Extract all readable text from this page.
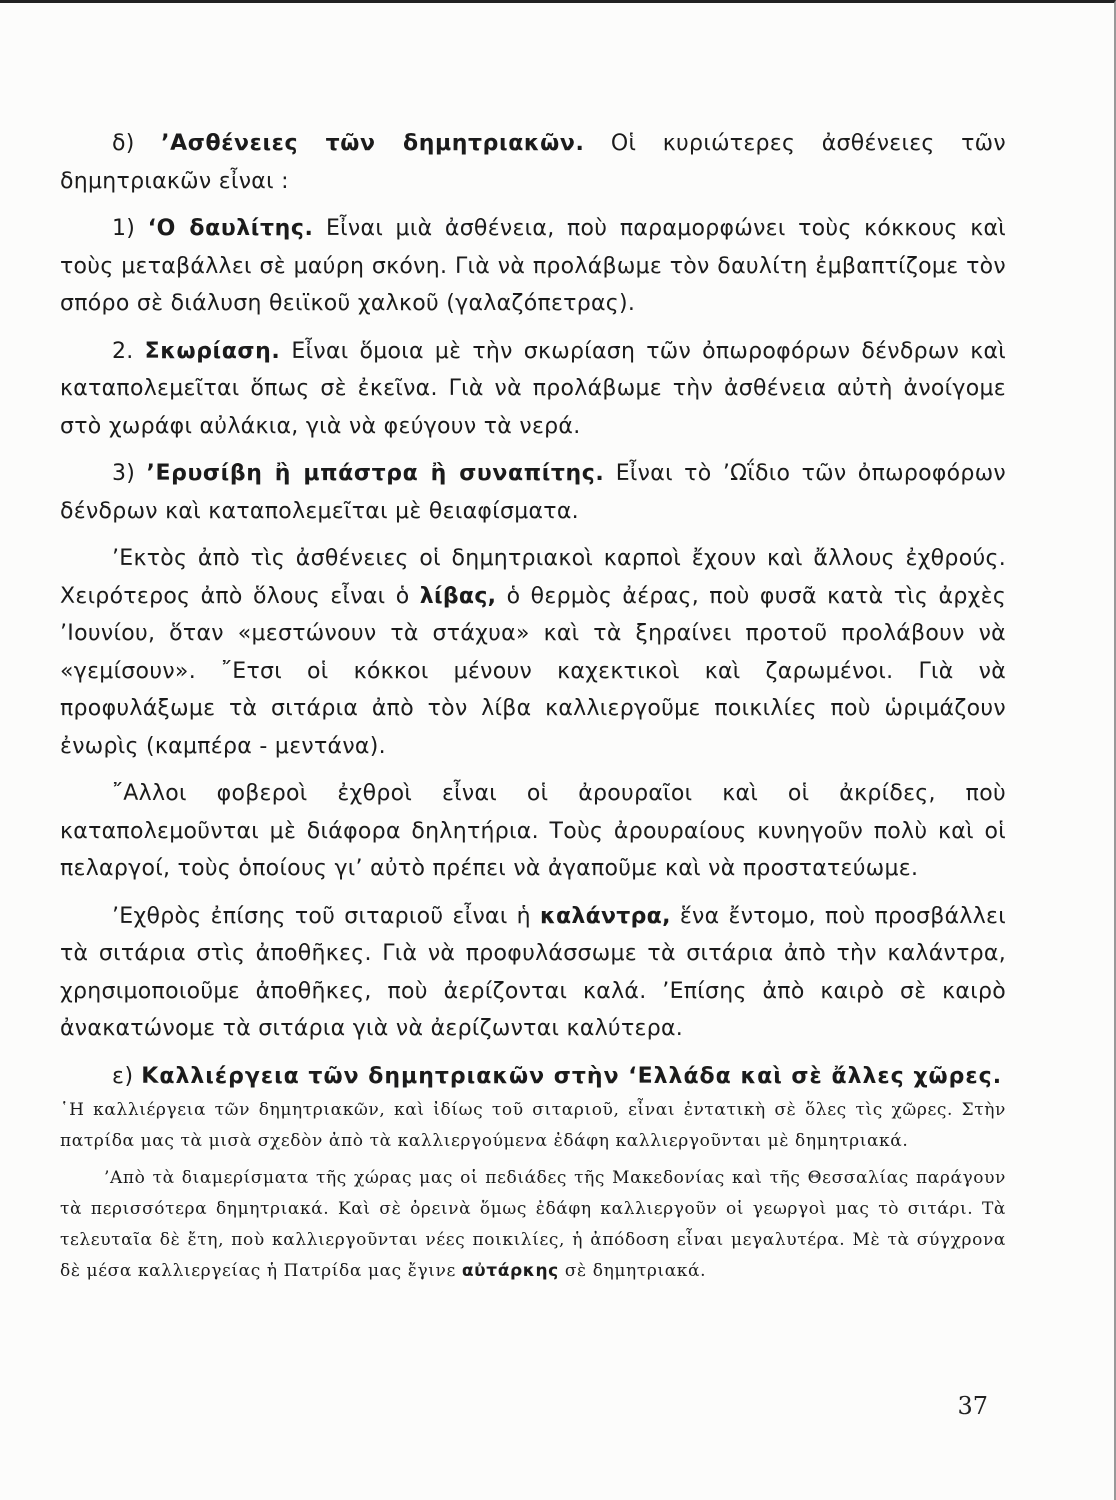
δ) ’Ασθένειες τῶν δημητριακῶν. Οἱ κυριώτερες ἀσθένειες τῶν δημητριακῶν εἶναι :

1) ‘Ο δαυλίτης. Εἶναι μιὰ ἀσθένεια, ποὺ παραμορφώνει τοὺς κόκκους καὶ τοὺς μεταβάλλει σὲ μαύρη σκόνη. Γιὰ νὰ προλάβωμε τὸν δαυλίτη ἐμβαπτίζομε τὸν σπόρο σὲ διάλυση θειϊκοῦ χαλκοῦ (γαλαζόπετρας).

2. Σκωρίαση. Εἶναι ὅμοια μὲ τὴν σκωρίαση τῶν ὀπωροφόρων δένδρων καὶ καταπολεμεῖται ὅπως σὲ ἐκεῖνα. Γιὰ νὰ προλάβωμε τὴν ἀσθένεια αὐτὴ ἀνοίγομε στὸ χωράφι αὐλάκια, γιὰ νὰ φεύγουν τὰ νερά.

3) ’Ερυσίβη ἢ μπάστρα ἢ συναπίτης. Εἶναι τὸ ’Ωΐδιο τῶν ὀπωροφόρων δένδρων καὶ καταπολεμεῖται μὲ θειαφίσματα.

’Εκτὸς ἀπὸ τὶς ἀσθένειες οἱ δημητριακοὶ καρποὶ ἔχουν καὶ ἄλλους ἐχθρούς. Χειρότερος ἀπὸ ὅλους εἶναι ὁ λίβας, ὁ θερμὸς ἀέρας, ποὺ φυσᾶ κατὰ τὶς ἀρχὲς ’Ιουνίου, ὅταν «μεστώνουν τὰ στάχυα» καὶ τὰ ξηραίνει προτοῦ προλάβουν νὰ «γεμίσουν». ῎Ετσι οἱ κόκκοι μένουν καχεκτικοὶ καὶ ζαρωμένοι. Γιὰ νὰ προφυλάξωμε τὰ σιτάρια ἀπὸ τὸν λίβα καλλιεργοῦμε ποικιλίες ποὺ ὡριμάζουν ἐνωρὶς (καμπέρα - μεντάνα).

῎Αλλοι φοβεροὶ ἐχθροὶ εἶναι οἱ ἀρουραῖοι καὶ οἱ ἀκρίδες, ποὺ καταπολεμοῦνται μὲ διάφορα δηλητήρια. Τοὺς ἀρουραίους κυνηγοῦν πολὺ καὶ οἱ πελαργοί, τοὺς ὁποίους γι’ αὐτὸ πρέπει νὰ ἀγαποῦμε καὶ νὰ προστατεύωμε.

’Εχθρὸς ἐπίσης τοῦ σιταριοῦ εἶναι ἡ καλάντρα, ἕνα ἔντομο, ποὺ προσβάλλει τὰ σιτάρια στὶς ἀποθῆκες. Γιὰ νὰ προφυλάσσωμε τὰ σιτάρια ἀπὸ τὴν καλάντρα, χρησιμοποιοῦμε ἀποθῆκες, ποὺ ἀερίζονται καλά. ’Επίσης ἀπὸ καιρὸ σὲ καιρὸ ἀνακατώνομε τὰ σιτάρια γιὰ νὰ ἀερίζωνται καλύτερα.

ε) Καλλιέργεια τῶν δημητριακῶν στὴν ‘Ελλάδα καὶ σὲ ἄλλες χῶρες.

῾Η καλλιέργεια τῶν δημητριακῶν, καὶ ἰδίως τοῦ σιταριοῦ, εἶναι ἐντατικὴ σὲ ὅλες τὶς χῶρες. Στὴν πατρίδα μας τὰ μισὰ σχεδὸν ἀπὸ τὰ καλλιεργούμενα ἐδάφη καλλιεργοῦνται μὲ δημητριακά.

’Απὸ τὰ διαμερίσματα τῆς χώρας μας οἱ πεδιάδες τῆς Μακεδονίας καὶ τῆς Θεσσαλίας παράγουν τὰ περισσότερα δημητριακά. Καὶ σὲ ὀρεινὰ ὅμως ἐδάφη καλλιεργοῦν οἱ γεωργοὶ μας τὸ σιτάρι. Τὰ τελευταῖα δὲ ἔτη, ποὺ καλλιεργοῦνται νέες ποικιλίες, ἡ ἀπόδοση εἶναι μεγαλυτέρα. Μὲ τὰ σύγχρονα δὲ μέσα καλλιεργείας ἡ Πατρίδα μας ἔγινε αὐτάρκης σὲ δημητριακά.

37
